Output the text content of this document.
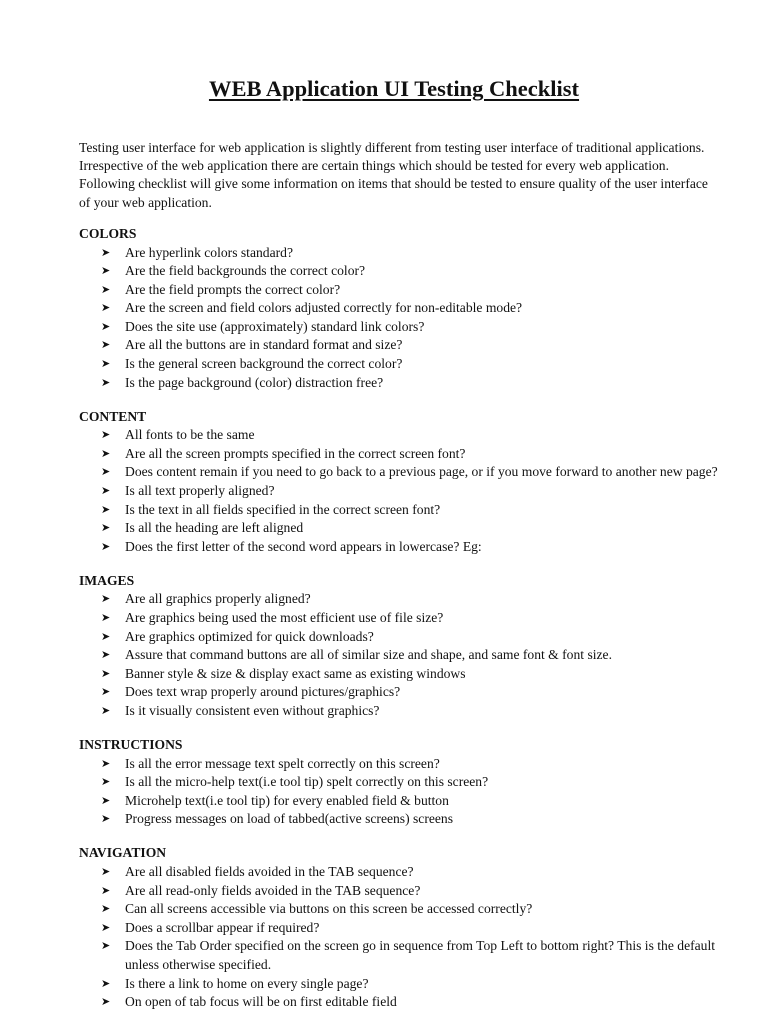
WEB Application UI Testing Checklist

Testing user interface for web application is slightly different from testing user interface of traditional applications. Irrespective of the web application there are certain things which should be tested for every web application. Following checklist will give some information on items that should be tested to ensure quality of the user interface of your web application.

COLORS
➤ Are hyperlink colors standard?
➤ Are the field backgrounds the correct color?
➤ Are the field prompts the correct color?
➤ Are the screen and field colors adjusted correctly for non-editable mode?
➤ Does the site use (approximately) standard link colors?
➤ Are all the buttons are in standard format and size?
➤ Is the general screen background the correct color?
➤ Is the page background (color) distraction free?
CONTENT
➤ All fonts to be the same
➤ Are all the screen prompts specified in the correct screen font?
➤ Does content remain if you need to go back to a previous page, or if you move forward to another new page?
➤ Is all text properly aligned?
➤ Is the text in all fields specified in the correct screen font?
➤ Is all the heading are left aligned
➤ Does the first letter of the second word appears in lowercase? Eg:
IMAGES
➤ Are all graphics properly aligned?
➤ Are graphics being used the most efficient use of file size?
➤ Are graphics optimized for quick downloads?
➤ Assure that command buttons are all of similar size and shape, and same font & font size.
➤ Banner style & size & display exact same as existing windows
➤ Does text wrap properly around pictures/graphics?
➤ Is it visually consistent even without graphics?
INSTRUCTIONS
➤ Is all the error message text spelt correctly on this screen?
➤ Is all the micro-help text(i.e tool tip) spelt correctly on this screen?
➤ Microhelp text(i.e tool tip) for every enabled field & button
➤ Progress messages on load of tabbed(active screens) screens
NAVIGATION
➤ Are all disabled fields avoided in the TAB sequence?
➤ Are all read-only fields avoided in the TAB sequence?
➤ Can all screens accessible via buttons on this screen be accessed correctly?
➤ Does a scrollbar appear if required?
➤ Does the Tab Order specified on the screen go in sequence from Top Left to bottom right? This is the default unless otherwise specified.
➤ Is there a link to home on every single page?
➤ On open of tab focus will be on first editable field
